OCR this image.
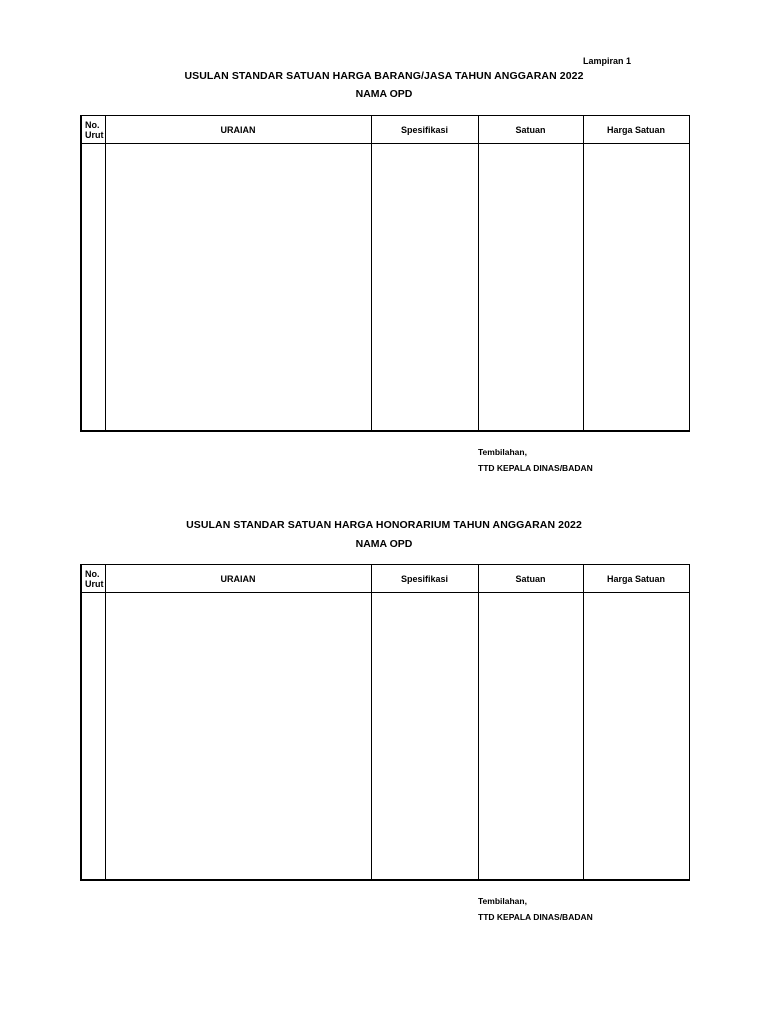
Lampiran 1
USULAN STANDAR SATUAN HARGA BARANG/JASA TAHUN ANGGARAN 2022
NAMA OPD
No. Urut	URAIAN	Spesifikasi	Satuan	Harga Satuan

Tembilahan,
TTD KEPALA DINAS/BADAN
USULAN STANDAR SATUAN HARGA HONORARIUM TAHUN ANGGARAN 2022
NAMA OPD
No. Urut	URAIAN	Spesifikasi	Satuan	Harga Satuan

Tembilahan,
TTD KEPALA DINAS/BADAN
